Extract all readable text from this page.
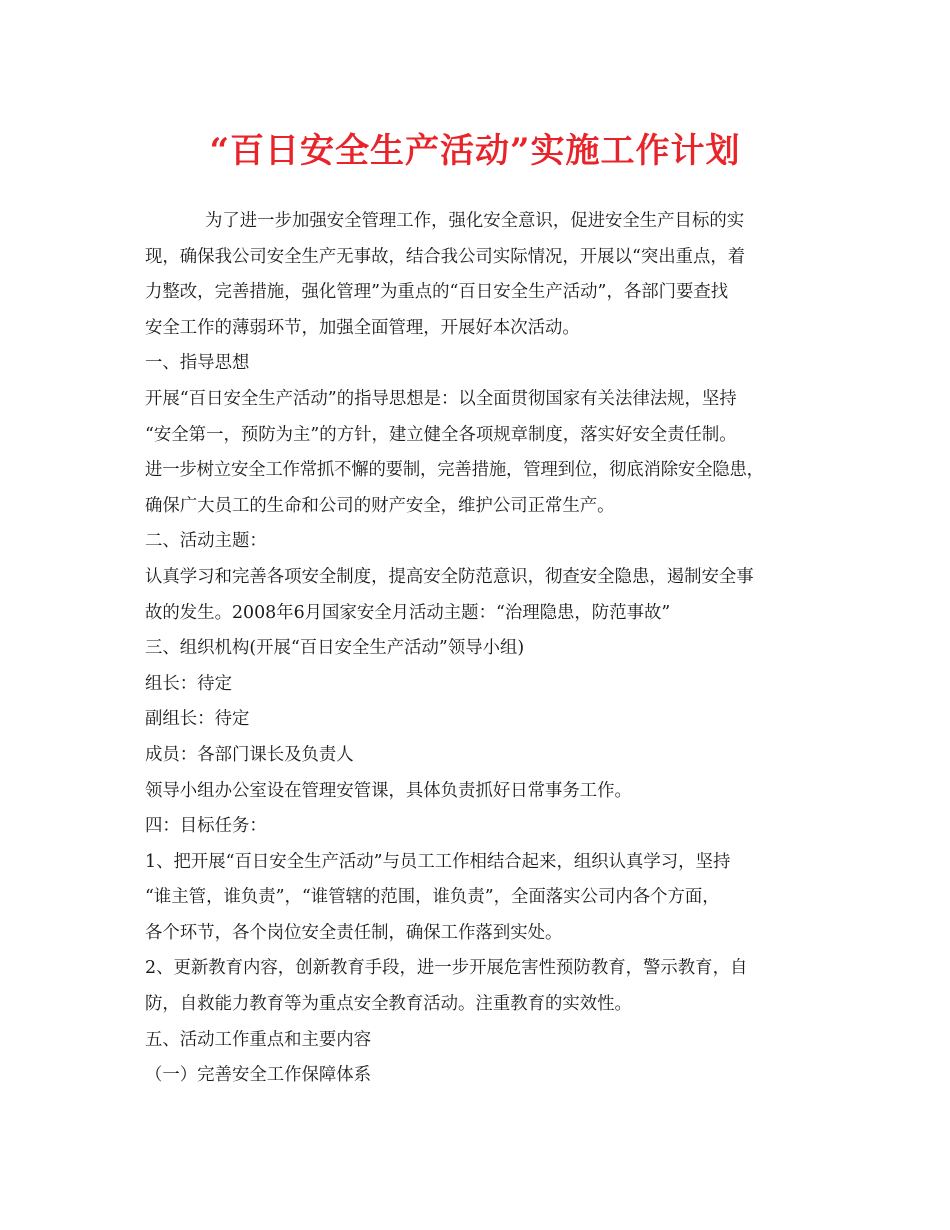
“百日安全生产活动”实施工作计划

为了进一步加强安全管理工作，强化安全意识，促进安全生产目标的实

现，确保我公司安全生产无事故，结合我公司实际情况，开展以“突出重点，着

力整改，完善措施，强化管理”为重点的“百日安全生产活动”，各部门要查找

安全工作的薄弱环节，加强全面管理，开展好本次活动。

一、指导思想

开展“百日安全生产活动”的指导思想是：以全面贯彻国家有关法律法规，坚持

“安全第一，预防为主”的方针，建立健全各项规章制度，落实好安全责任制。

进一步树立安全工作常抓不懈的要制，完善措施，管理到位，彻底消除安全隐患，

确保广大员工的生命和公司的财产安全，维护公司正常生产。

二、活动主题：

认真学习和完善各项安全制度，提高安全防范意识，彻查安全隐患，遏制安全事

故的发生。2008年6月国家安全月活动主题：“治理隐患，防范事故”

三、组织机构(开展“百日安全生产活动”领导小组)

组长：待定

副组长：待定

成员：各部门课长及负责人

领导小组办公室设在管理安管课，具体负责抓好日常事务工作。

四：目标任务：

1、把开展“百日安全生产活动”与员工工作相结合起来，组织认真学习，坚持

“谁主管，谁负责”，“谁管辖的范围，谁负责”，全面落实公司内各个方面，

各个环节，各个岗位安全责任制，确保工作落到实处。

2、更新教育内容，创新教育手段，进一步开展危害性预防教育，警示教育，自

防，自救能力教育等为重点安全教育活动。注重教育的实效性。

五、活动工作重点和主要内容

（一）完善安全工作保障体系
